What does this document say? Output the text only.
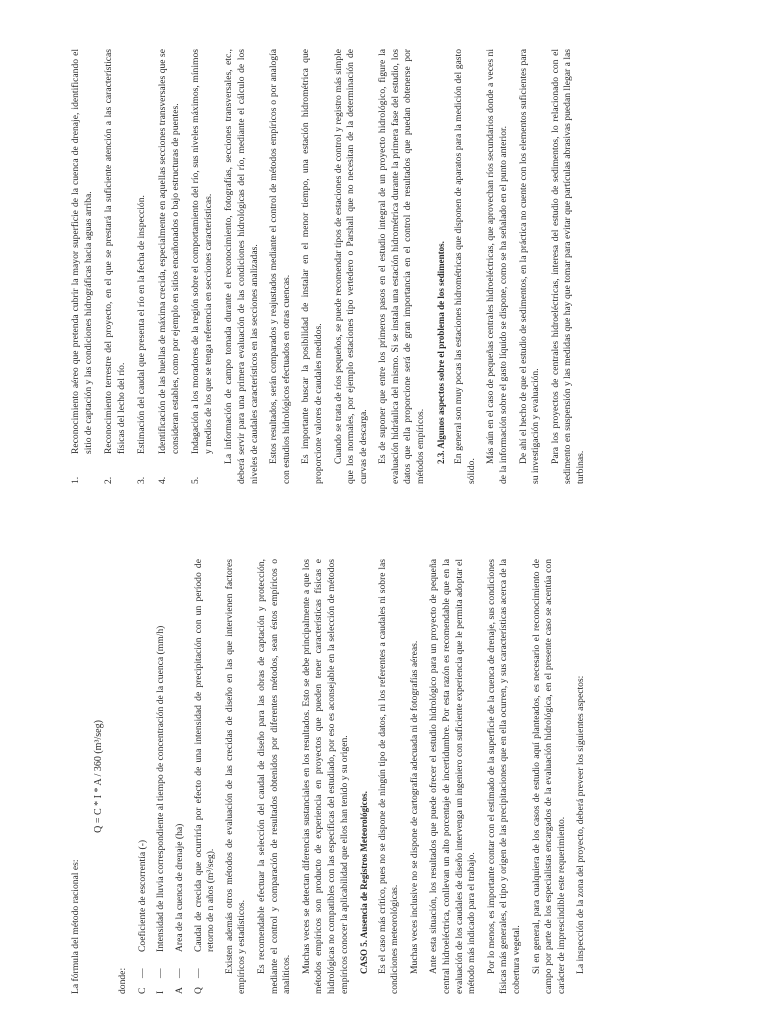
La fórmula del método racional es:

Q = C * I * A / 360 (m³/seg)

donde: C
—
Coeficiente de escorrentía (-)
I
—
Intensidad de lluvia correspondiente al tiempo de concentración de la cuenca (mm/h)
A
—
Area de la cuenca de drenaje (ha)
Q
—
Caudal de crecida que ocurriría por efecto de una intensidad de precipitación con un período de retorno de n años (m³/seg). Existen además otros métodos de evaluación de las crecidas de diseño en las que intervienen factores empíricos y estadísticos. Es recomendable efectuar la selección del caudal de diseño para las obras de captación y protección, mediante el control y comparación de resultados obtenidos por diferentes métodos, sean éstos empíricos o analíticos.

Muchas veces se detectan diferencias sustanciales en los resultados. Esto se debe principalmente a que los métodos empíricos son producto de experiencia en proyectos que pueden tener características físicas e hidrológicas no compatibles con las específicas del estudiado, por eso es aconsejable en la selección de métodos empíricos conocer la aplicabilidad que ellos han tenido y su origen. CASO 5. Ausencia de Registros Meteorológicos. Es el caso más crítico, pues no se dispone de ningún tipo de datos, ni los referentes a caudales ni sobre las condiciones meteorológicas. Muchas veces inclusive no se dispone de cartografía adecuada ni de fotografías aéreas. Ante esta situación, los resultados que puede ofrecer el estudio hidrológico para un proyecto de pequeña central hidroeléctrica, conllevan un alto porcentaje de incertidumbre. Por esta razón es recomendable que en la evaluación de los caudales de diseño intervenga un ingeniero con suficiente experiencia que le permita adoptar el método más indicado para el trabajo. Por lo menos, es importante contar con el estimado de la superficie de la cuenca de drenaje, sus condiciones físicas más generales, el tipo y origen de las precipitaciones que en ella ocurren, y sus características acerca de la cobertura vegetal. Si en general, para cualquiera de los casos de estudio aquí planteados, es necesario el reconocimiento de campo por parte de los especialistas encargados de la evaluación hidrológica, en el presente caso se acentúa con carácter de imprescindible este requerimiento. La inspección de la zona del proyecto, deberá preveer los siguientes aspectos:

1.
Reconocimiento aéreo que pretenda cubrir la mayor superficie de la cuenca de drenaje, identificando el sitio de captación y las condiciones hidrográficas hacia aguas arriba.
2.
Reconocimiento terrestre del proyecto, en el que se prestará la suficiente atención a las características físicas del lecho del río.
3.
Estimación del caudal que presenta el río en la fecha de inspección.
4.
Identificación de las huellas de máxima crecida, especialmente en aquellas secciones transversales que se consideran estables, como por ejemplo en sitios encañonados o bajo estructuras de puentes.
5.
Indagación a los moradores de la región sobre el comportamiento del río, sus niveles máximos, mínimos y medios de los que se tenga referencia en secciones características. La información de campo tomada durante el reconocimiento, fotografías, secciones transversales, etc., deberá servir para una primera evaluación de las condiciones hidrológicas del río, mediante el cálculo de los niveles de caudales característicos en las secciones analizadas. Estos resultados, serán comparados y reajustados mediante el control de métodos empíricos o por analogía con estudios hidrológicos efectuados en otras cuencas. Es importante buscar la posibilidad de instalar en el menor tiempo, una estación hidrométrica que proporcione valores de caudales medidos. Cuando se trata de ríos pequeños, se puede recomendar tipos de estaciones de control y registro más simple que los normales, por ejemplo estaciones tipo vertedero o Parshall que no necesitan de la determinación de curvas de descarga. Es de suponer que entre los primeros pasos en el estudio integral de un proyecto hidrológico, figure la evaluación hidráulica del mismo. Si se instala una estación hidrométrica durante la primera fase del estudio, los datos que ella proporcione será de gran importancia en el control de resultados que puedan obtenerse por métodos empíricos. 2.3. Algunos aspectos sobre el problema de los sedimentos. En general son muy pocas las estaciones hidrométricas que disponen de aparatos para la medición del gasto sólido.

Más aún en el caso de pequeñas centrales hidroeléctricas, que aprovechan ríos secundarios donde a veces ni de la información sobre el gasto líquido se dispone, como se ha señalado en el punto anterior. De ahí el hecho de que el estudio de sedimentos, en la práctica no cuente con los elementos suficientes para su investigación y evaluación. Para los proyectos de centrales hidroeléctricas, interesa del estudio de sedimentos, lo relacionado con el sedimento en suspensión y las medidas que hay que tomar para evitar que partículas abrasivas puedan llegar a las turbinas.
